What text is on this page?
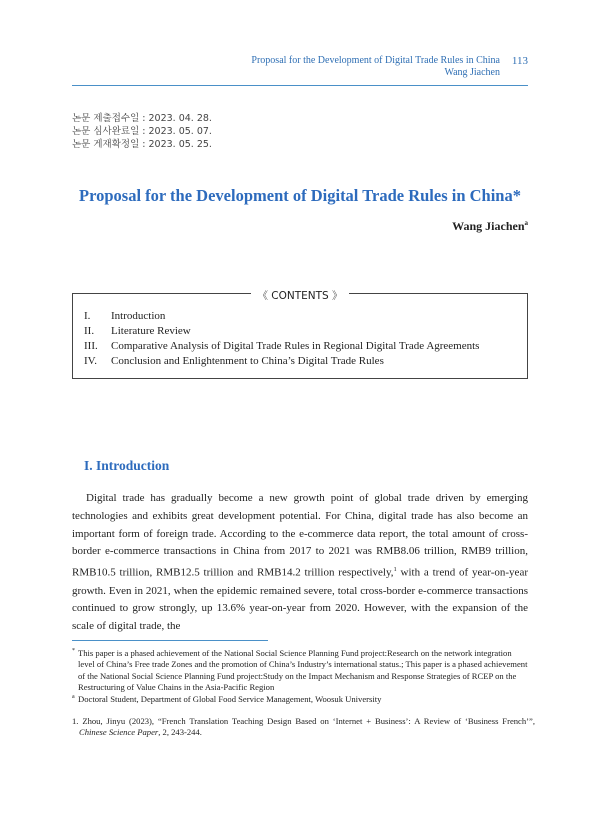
Proposal for the Development of Digital Trade Rules in China
Wang Jiachen
113
논문 제출접수일 : 2023. 04. 28.
논문 심사완료일 : 2023. 05. 07.
논문 게재확정일 : 2023. 05. 25.
Proposal for the Development of Digital Trade Rules in China*
Wang Jiachen$^a$
《 CONTENTS 》
I.	Introduction
II.	Literature Review
III.	Comparative Analysis of Digital Trade Rules in Regional Digital Trade Agreements
IV.	Conclusion and Enlightenment to China’s Digital Trade Rules
I. Introduction

Digital trade has gradually become a new growth point of global trade driven by emerging technologies and exhibits great development potential. For China, digital trade has also become an important form of foreign trade. According to the e-commerce data report, the total amount of cross-border e-commerce transactions in China from 2017 to 2021 was RMB8.06 trillion, RMB9 trillion, RMB10.5 trillion, RMB12.5 trillion and RMB14.2 trillion respectively,$^1$ with a trend of year-on-year growth. Even in 2021, when the epidemic remained severe, total cross-border e-commerce transactions continued to grow strongly, up 13.6% year-on-year from 2020. However, with the expansion of the scale of digital trade, the

* This paper is a phased achievement of the National Social Science Planning Fund project:Research on the network integration level of China’s Free trade Zones and the promotion of China’s Industry’s international status.; This paper is a phased achievement of the National Social Science Planning Fund project:Study on the Impact Mechanism and Response Strategies of RCEP on the Restructuring of Value Chains in the Asia-Pacific Region
a Doctoral Student, Department of Global Food Service Management, Woosuk University
1. Zhou, Jinyu (2023), “French Translation Teaching Design Based on ‘Internet + Business’: A Review of ‘Business French’”, Chinese Science Paper, 2, 243-244.
